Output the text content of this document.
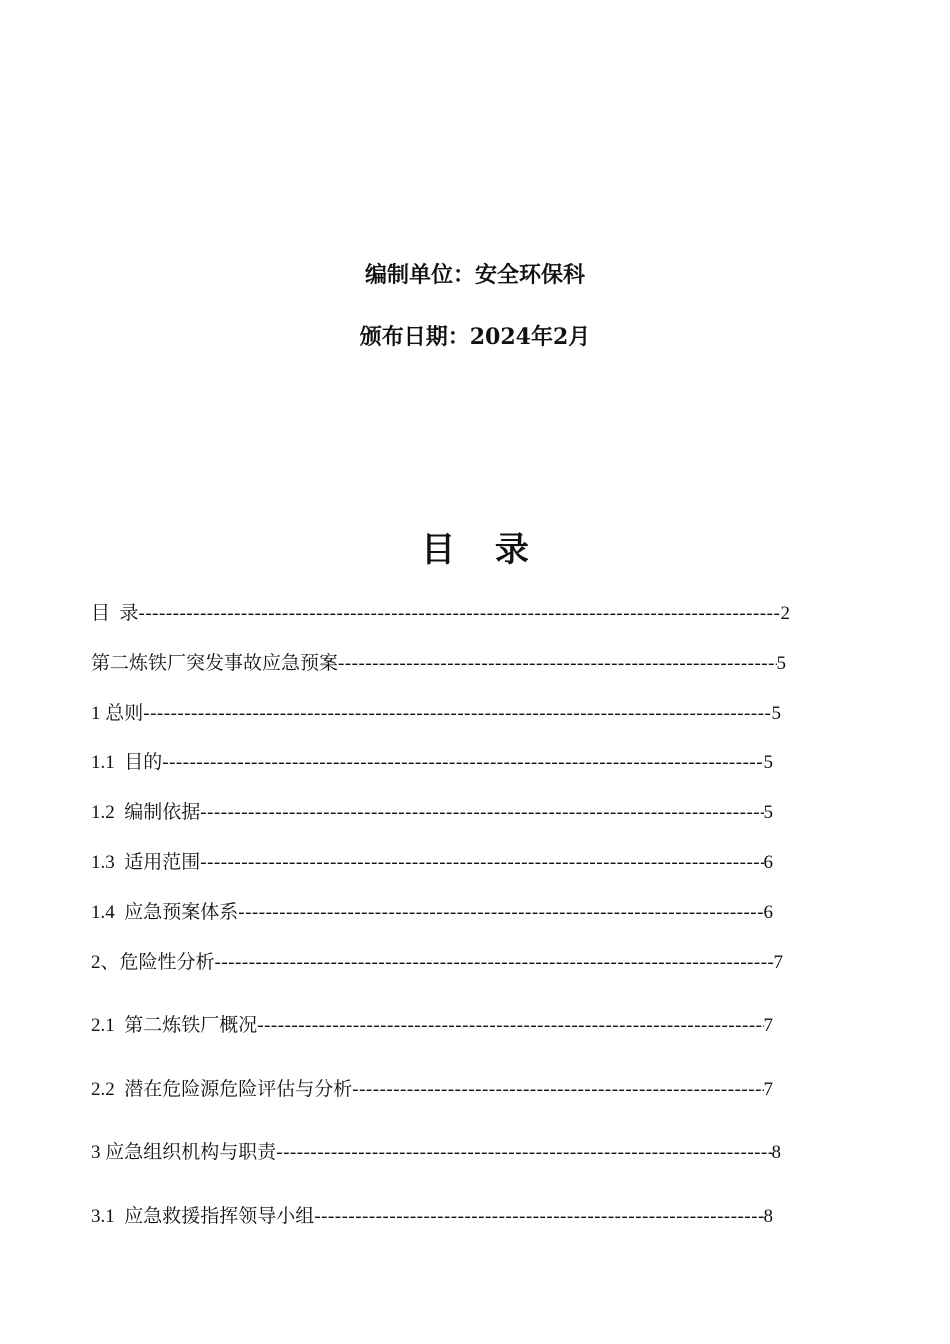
编制单位：安全环保科
颁布日期：2024年2月
目 录
目  录 -----	2
第二炼铁厂突发事故应急预案 -----	5
1 总则 -----	5
1.1  目的 -----	5
1.2  编制依据 -----	5
1.3  适用范围 -----	6
1.4  应急预案体系 -----	6
2、危险性分析 -----	7
2.1  第二炼铁厂概况 -----	7
2.2  潜在危险源危险评估与分析 -----	7
3 应急组织机构与职责 -----	8
3.1  应急救援指挥领导小组 -----	8
